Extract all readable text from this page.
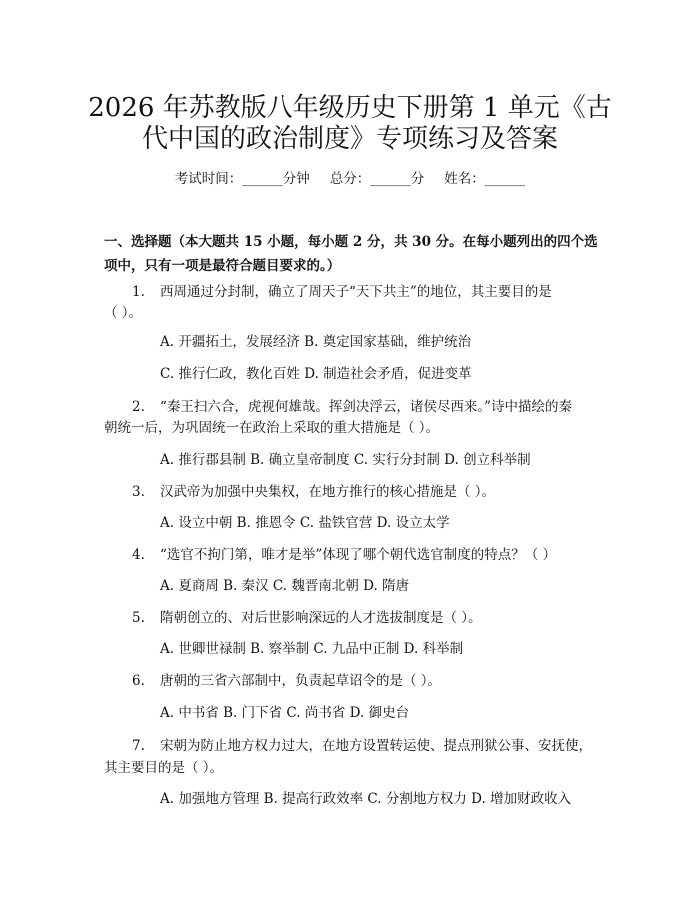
2026 年苏教版八年级历史下册第 1 单元《古
代中国的政治制度》专项练习及答案
考试时间：______分钟 总分：______分 姓名：______
一、选择题（本大题共 15 小题，每小题 2 分，共 30 分。在每小题列出的四个选
项中，只有一项是最符合题目要求的。）
1. 西周通过分封制，确立了周天子“天下共主”的地位，其主要目的是
（ ）。
A. 开疆拓土，发展经济 B. 奠定国家基础，维护统治
C. 推行仁政，教化百姓 D. 制造社会矛盾，促进变革
2. “秦王扫六合，虎视何雄哉。挥剑决浮云，诸侯尽西来。”诗中描绘的秦
朝统一后，为巩固统一在政治上采取的重大措施是（ ）。
A. 推行郡县制 B. 确立皇帝制度 C. 实行分封制 D. 创立科举制
3. 汉武帝为加强中央集权，在地方推行的核心措施是（ ）。
A. 设立中朝 B. 推恩令 C. 盐铁官营 D. 设立太学
4. “选官不拘门第，唯才是举”体现了哪个朝代选官制度的特点？（ ）
A. 夏商周 B. 秦汉 C. 魏晋南北朝 D. 隋唐
5. 隋朝创立的、对后世影响深远的人才选拔制度是（ ）。
A. 世卿世禄制 B. 察举制 C. 九品中正制 D. 科举制
6. 唐朝的三省六部制中，负责起草诏令的是（ ）。
A. 中书省 B. 门下省 C. 尚书省 D. 御史台
7. 宋朝为防止地方权力过大，在地方设置转运使、提点刑狱公事、安抚使，
其主要目的是（ ）。
A. 加强地方管理 B. 提高行政效率 C. 分割地方权力 D. 增加财政收入
